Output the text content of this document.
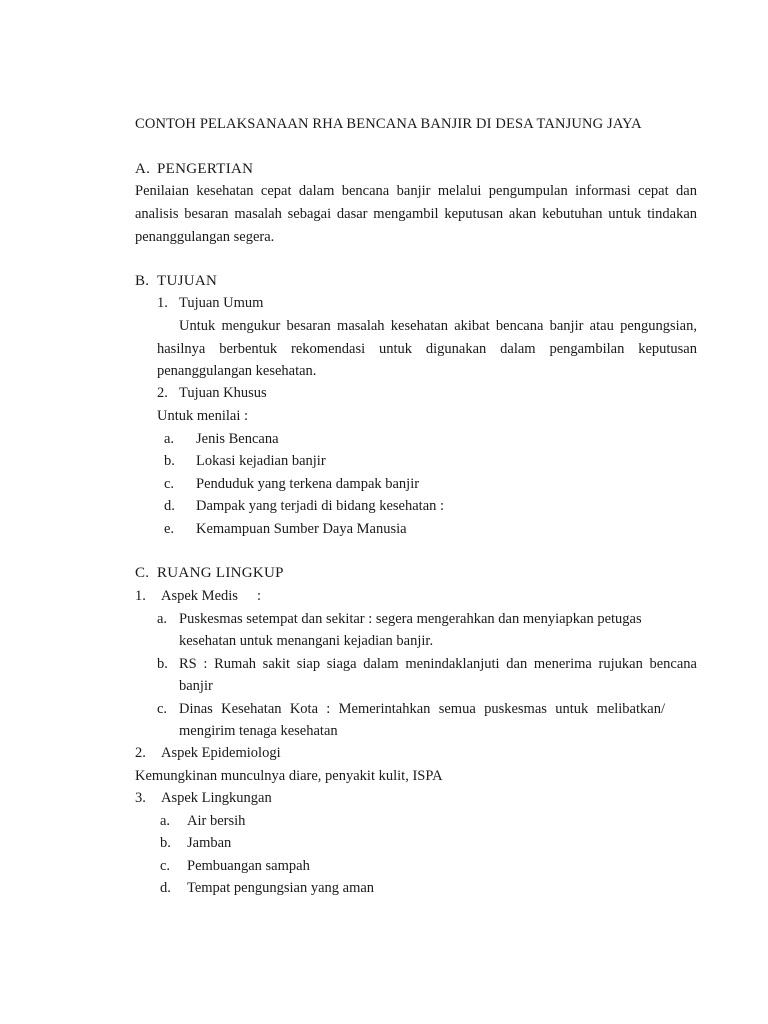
CONTOH PELAKSANAAN RHA BENCANA BANJIR DI DESA TANJUNG JAYA
A. PENGERTIAN
Penilaian kesehatan cepat dalam bencana banjir melalui pengumpulan informasi cepat dan
analisis besaran masalah sebagai dasar mengambil keputusan akan kebutuhan untuk tindakan
penanggulangan segera.
B. TUJUAN
1. Tujuan Umum
Untuk mengukur besaran masalah kesehatan akibat bencana banjir atau pengungsian,
hasilnya berbentuk rekomendasi untuk digunakan dalam pengambilan keputusan
penanggulangan kesehatan.
2. Tujuan Khusus
Untuk menilai :
a. Jenis Bencana
b. Lokasi kejadian banjir
c. Penduduk yang terkena dampak banjir
d. Dampak yang terjadi di bidang kesehatan :
e. Kemampuan Sumber Daya Manusia
C. RUANG LINGKUP
1. Aspek Medis :
a. Puskesmas setempat dan sekitar : segera mengerahkan dan menyiapkan petugas
kesehatan untuk menangani kejadian banjir.
b. RS : Rumah sakit siap siaga dalam menindaklanjuti dan menerima rujukan bencana
banjir
c. Dinas Kesehatan Kota : Memerintahkan semua puskesmas untuk melibatkan/
mengirim tenaga kesehatan
2. Aspek Epidemiologi
Kemungkinan munculnya diare, penyakit kulit, ISPA
3. Aspek Lingkungan
a. Air bersih
b. Jamban
c. Pembuangan sampah
d. Tempat pengungsian yang aman
